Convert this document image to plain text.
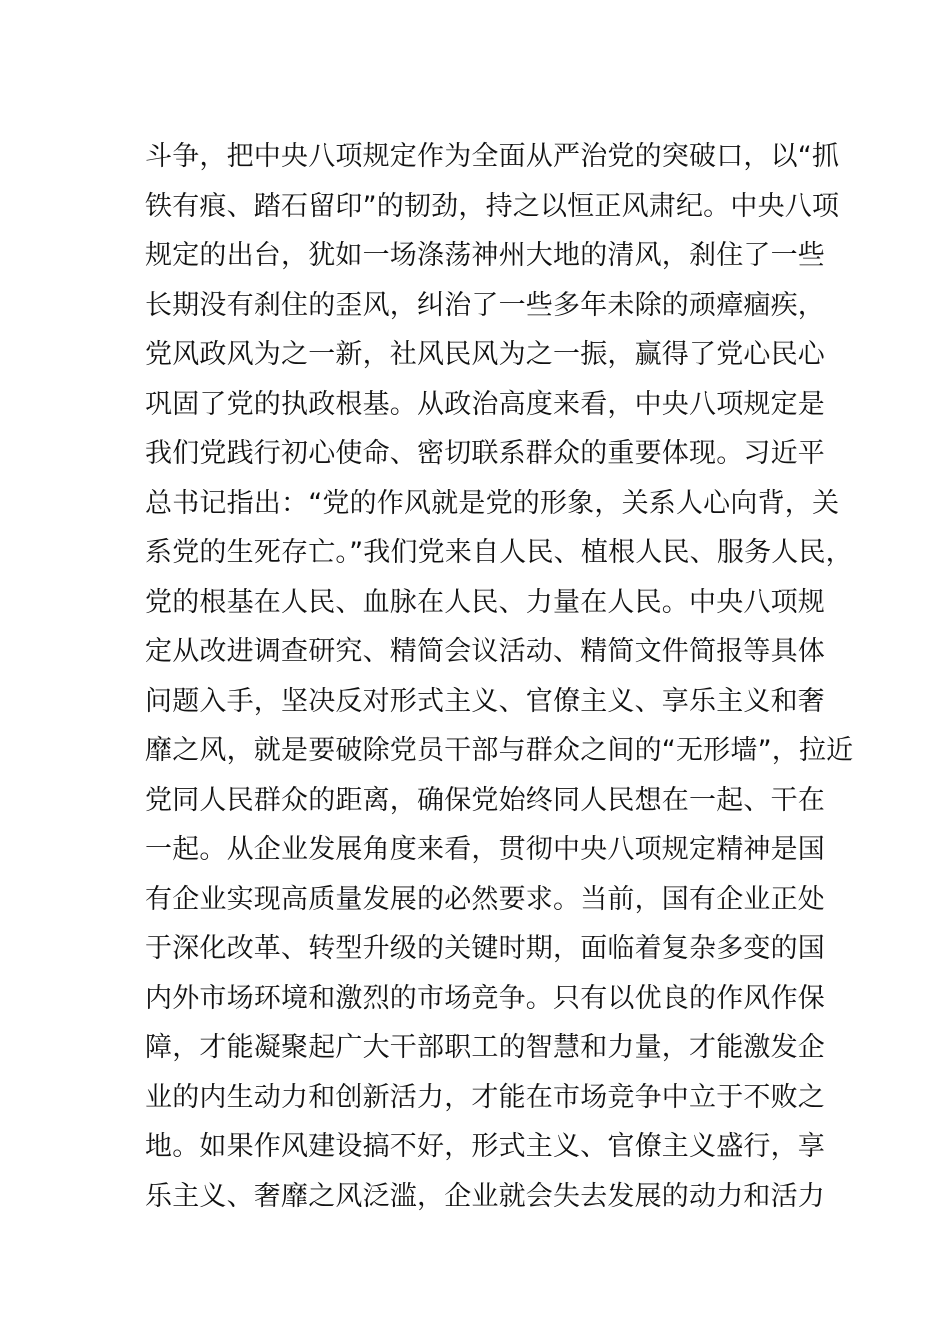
斗争，把中央八项规定作为全面从严治党的突破口，以“抓
铁有痕、踏石留印”的韧劲，持之以恒正风肃纪。中央八项
规定的出台，犹如一场涤荡神州大地的清风，刹住了一些
长期没有刹住的歪风，纠治了一些多年未除的顽瘴痼疾，
党风政风为之一新，社风民风为之一振，赢得了党心民心
巩固了党的执政根基。从政治高度来看，中央八项规定是
我们党践行初心使命、密切联系群众的重要体现。习近平
总书记指出：“党的作风就是党的形象，关系人心向背，关
系党的生死存亡。”我们党来自人民、植根人民、服务人民，
党的根基在人民、血脉在人民、力量在人民。中央八项规
定从改进调查研究、精简会议活动、精简文件简报等具体
问题入手，坚决反对形式主义、官僚主义、享乐主义和奢
靡之风，就是要破除党员干部与群众之间的“无形墙”，拉近
党同人民群众的距离，确保党始终同人民想在一起、干在
一起。从企业发展角度来看，贯彻中央八项规定精神是国
有企业实现高质量发展的必然要求。当前，国有企业正处
于深化改革、转型升级的关键时期，面临着复杂多变的国
内外市场环境和激烈的市场竞争。只有以优良的作风作保
障，才能凝聚起广大干部职工的智慧和力量，才能激发企
业的内生动力和创新活力，才能在市场竞争中立于不败之
地。如果作风建设搞不好，形式主义、官僚主义盛行，享
乐主义、奢靡之风泛滥，企业就会失去发展的动力和活力
